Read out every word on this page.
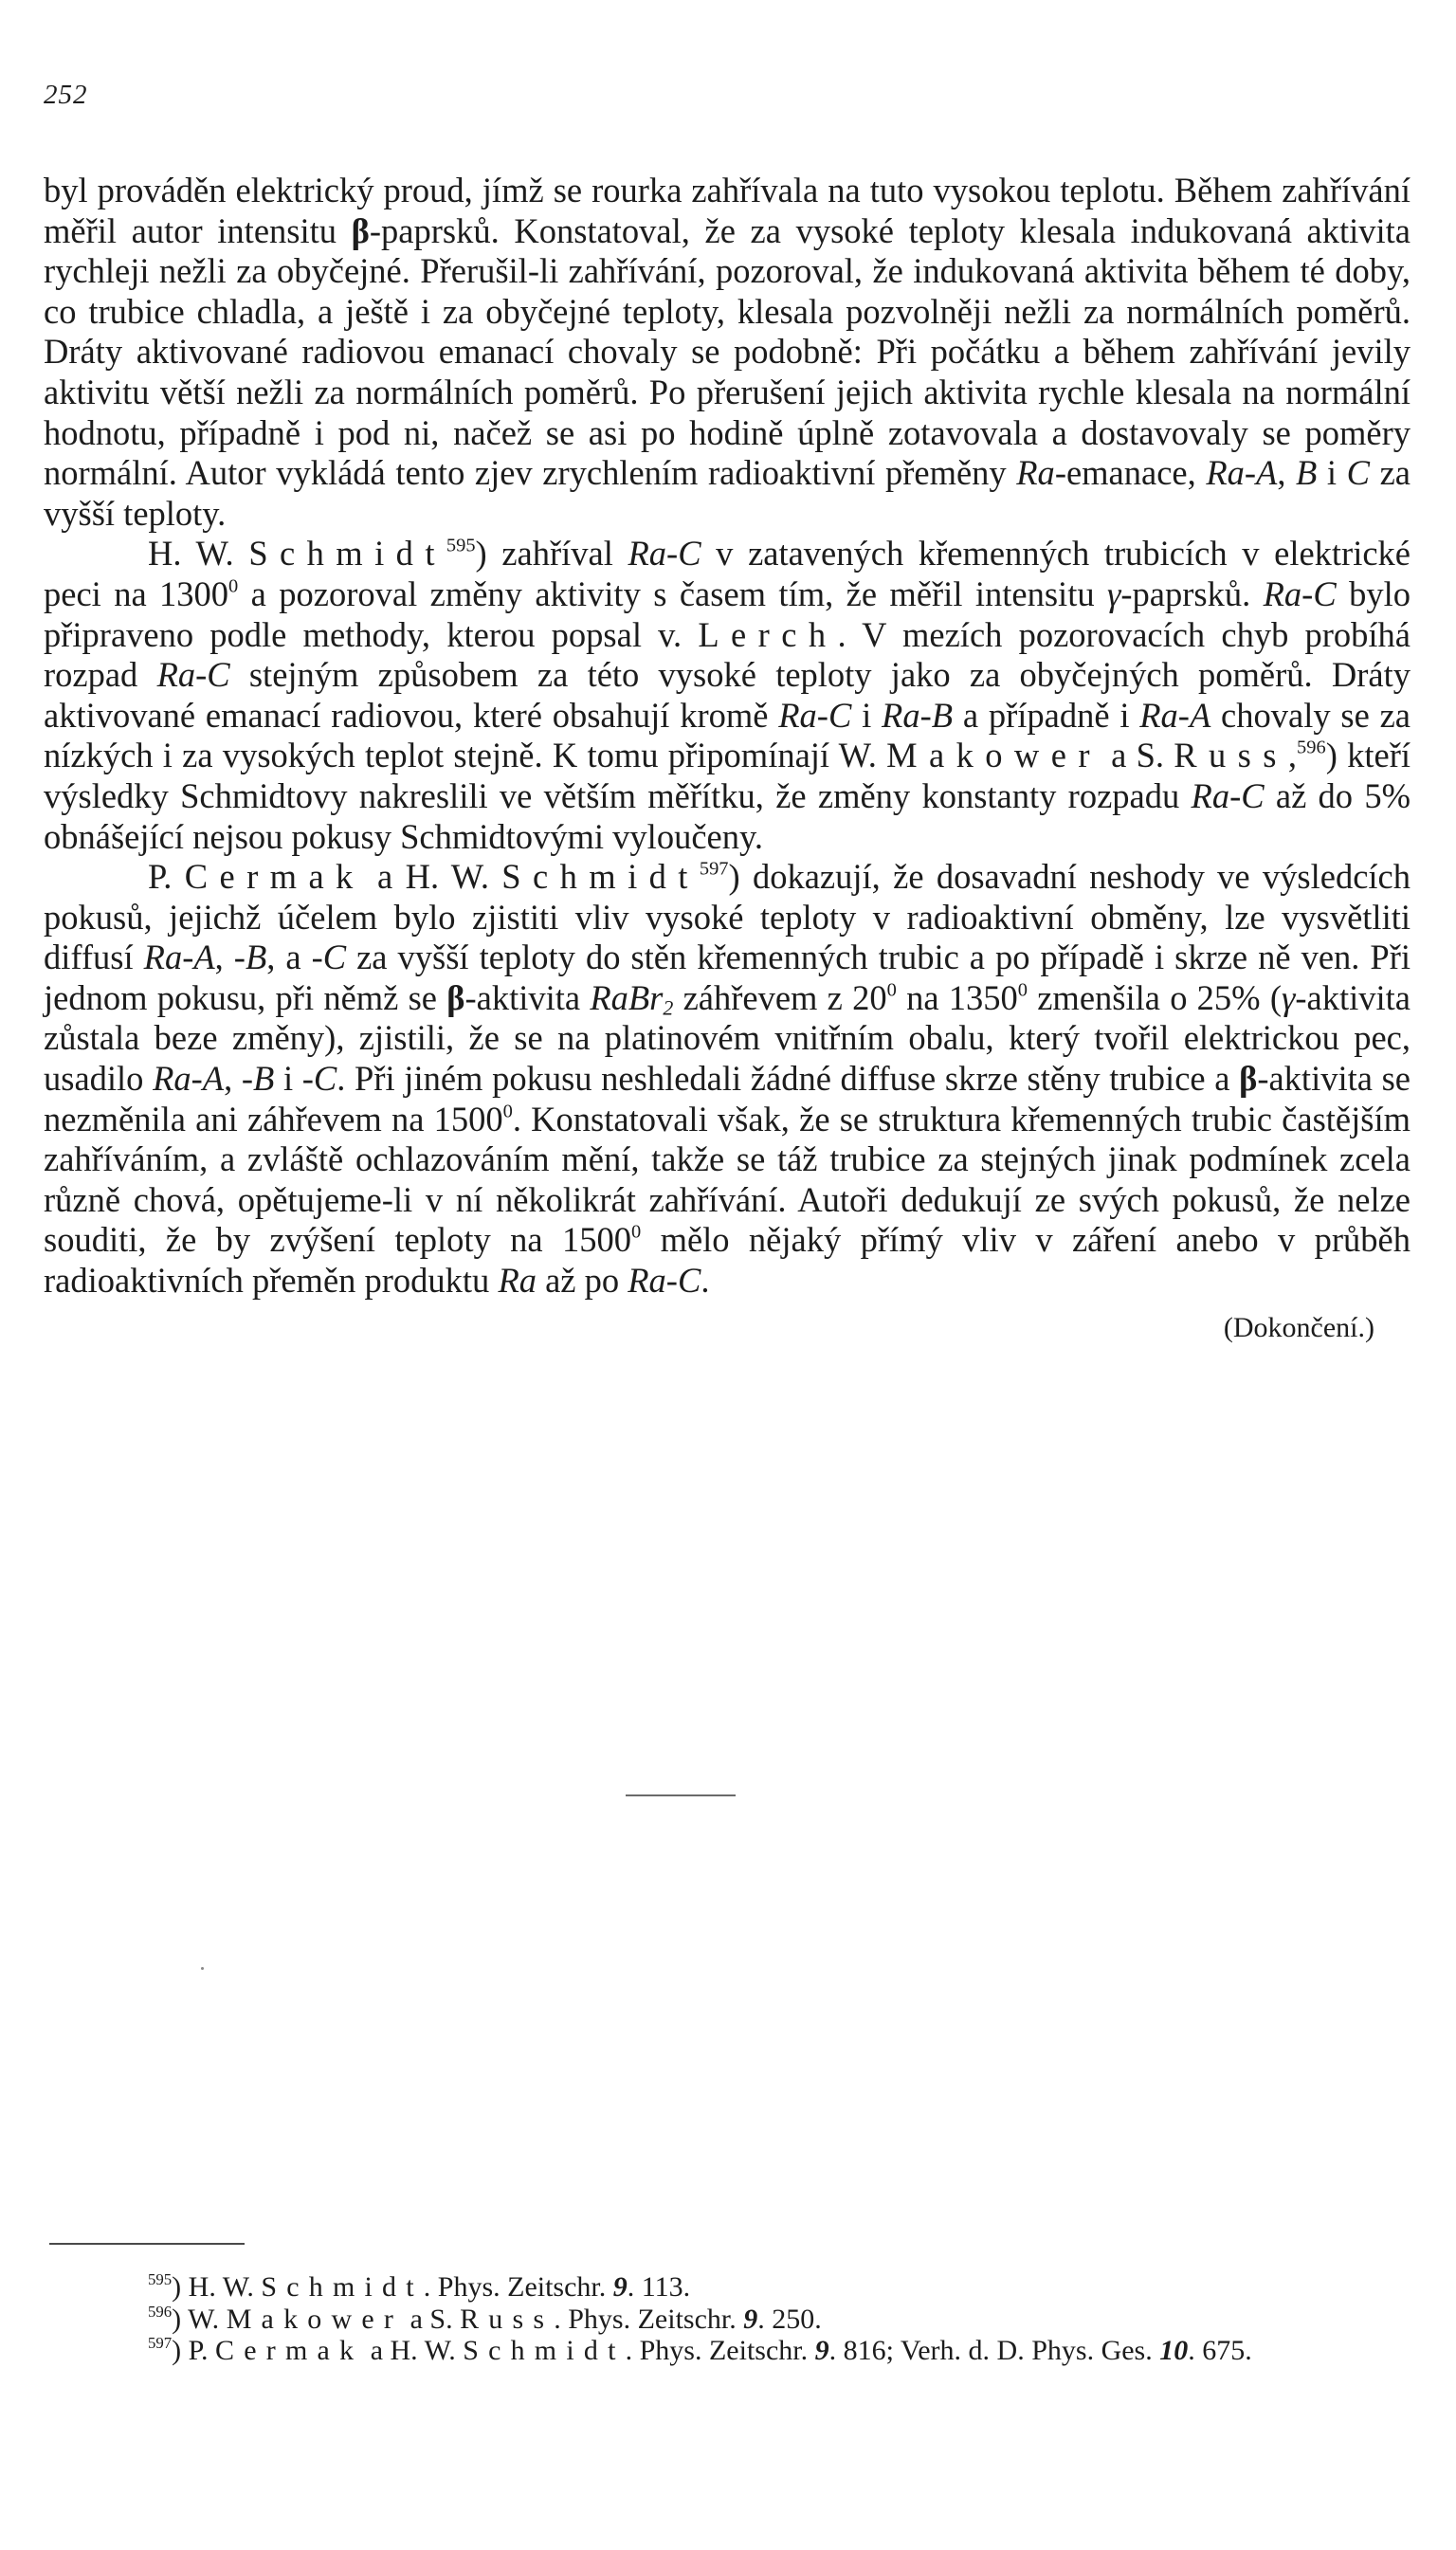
252

byl prováděn elektrický proud, jímž se rourka zahřívala na tuto vysokou teplotu. Během zahřívání měřil autor intensitu β-paprsků. Konstatoval, že za vysoké teploty klesala indukovaná aktivita rychleji nežli za obyčejné. Přerušil-li zahřívání, pozoroval, že indukovaná aktivita během té doby, co trubice chladla, a ještě i za obyčejné teploty, klesala pozvolněji nežli za normálních poměrů. Dráty aktivované radiovou emanací chovaly se podobně: Při počátku a během zahřívání jevily aktivitu větší nežli za normálních poměrů. Po přerušení jejich aktivita rychle klesala na normální hodnotu, případně i pod ni, načež se asi po hodině úplně zotavovala a dostavovaly se poměry normální. Autor vykládá tento zjev zrychlením radioaktivní přeměny Ra-emanace, Ra-A, B i C za vyšší teploty.

H. W. Schmidt$^{595}$) zahříval Ra-C v zatavených křemenných trubicích v elektrické peci na 1300$^0$ a pozoroval změny aktivity s časem tím, že měřil intensitu γ-paprsků. Ra-C bylo připraveno podle methody, kterou popsal v. Lerch. V mezích pozorovacích chyb probíhá rozpad Ra-C stejným způsobem za této vysoké teploty jako za obyčejných poměrů. Dráty aktivované emanací radiovou, které obsahují kromě Ra-C i Ra-B a případně i Ra-A chovaly se za nízkých i za vysokých teplot stejně. K tomu připomínají W. Makower a S. Russ,$^{596}$) kteří výsledky Schmidtovy nakreslili ve větším měřítku, že změny konstanty rozpadu Ra-C až do 5% obnášející nejsou pokusy Schmidtovými vyloučeny.

P. Cermak a H. W. Schmidt$^{597}$) dokazují, že dosavadní neshody ve výsledcích pokusů, jejichž účelem bylo zjistiti vliv vysoké teploty v radioaktivní obměny, lze vysvětliti diffusí Ra-A, -B, a -C za vyšší teploty do stěn křemenných trubic a po případě i skrze ně ven. Při jednom pokusu, při němž se β-aktivita RaBr$_2$ záhřevem z $20^0$ na 1350$^0$ zmenšila o 25% (γ-aktivita zůstala beze změny), zjistili, že se na platinovém vnitřním obalu, který tvořil elektrickou pec, usadilo Ra-A, -B i -C. Při jiném pokusu neshledali žádné diffuse skrze stěny trubice a β-aktivita se nezměnila ani záhřevem na 1500$^0$. Konstatovali však, že se struktura křemenných trubic častějším zahříváním, a zvláště ochlazováním mění, takže se táž trubice za stejných jinak podmínek zcela různě chová, opětujeme-li v ní několikrát zahřívání. Autoři dedukují ze svých pokusů, že nelze souditi, že by zvýšení teploty na 1500$^0$ mělo nějaký přímý vliv v záření anebo v průběh radioaktivních přeměn produktu Ra až po Ra-C.

(Dokončení.)
$^{595}$) H. W. Schmidt. Phys. Zeitschr. 9. 113.
$^{596}$) W. Makower a S. Russ. Phys. Zeitschr. 9. 250.
$^{597}$) P. Cermak a H. W. Schmidt. Phys. Zeitschr. 9. 816; Verh. d. D. Phys. Ges. 10. 675.
